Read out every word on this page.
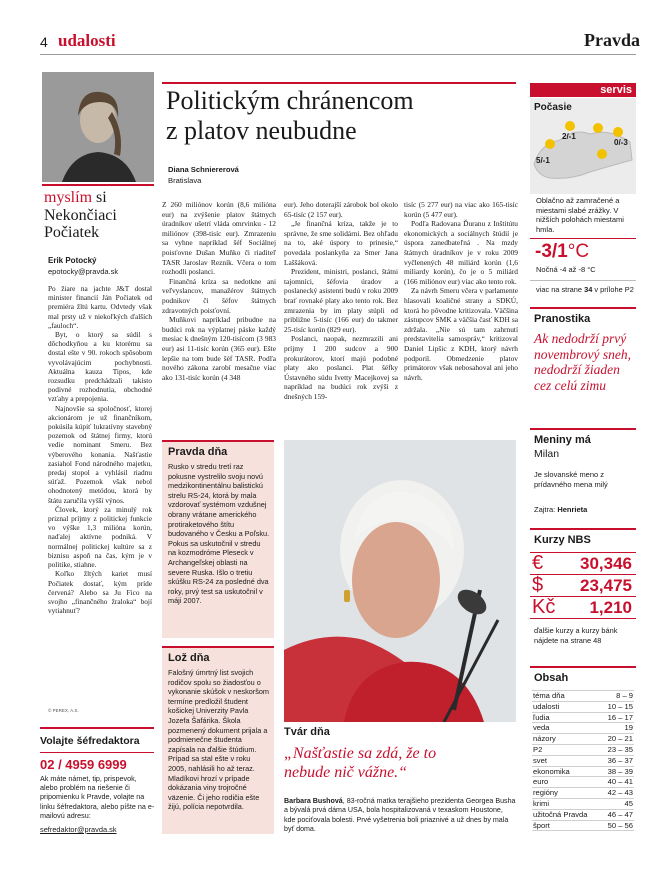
4 udalosti	Pravda
myslím si
Nekončiaci Počiatek
Erik Potocký
epotocky@pravda.sk

Po žiare na jachte J&T dostal minister financií Ján Počiatek od premiéra žltú kartu. Odvtedy však mal prsty už v niekoľkých ďalších „fauloch“.

Byt, o ktorý sa súdil s dôchodkyňou a ku ktorému sa dostal ešte v 90. rokoch spôsobom vyvolávajúcim pochybnosti. Aktuálna kauza Tipos, kde rozsudku predchádzali takisto podivné rozhodnutia, obchodné vzťahy a prepojenia.

Najnovšie sa spoločnosť, ktorej akcionárom je už finančníkom, pokúsila kúpiť lukratívny stavebný pozemok od štátnej firmy, ktorú vedie nominant Smeru. Bez výberového konania. Našťastie zasiahol Fond národného majetku, predaj stopol a vyhlásil riadnu súťaž. Pozemok však nebol ohodnotený metódou, ktorá by štátu zaručila vyšší výnos.

Človek, ktorý za minulý rok priznal príjmy z politickej funkcie vo výške 1,3 milióna korún, naďalej aktívne podniká. V normálnej politickej kultúre sa z biznisu aspoň na čas, kým je v politike, stiahne.

Koľko žltých kariet musí Počiatek dostať, kým príde červená? Alebo sa Ju Fico na svojho „finančného žraloka“ bojí vytiahnuť?

© PEREX, A.S.
Volajte šéfredaktora
02 / 4959 6999
Ak máte námet, tip, prispevok, alebo problém na riešenie či pripomienku k Pravde, volajte na linku šéfredaktora, alebo píšte na e-mailovú adresu:
sefredaktor@pravda.sk
Politickým chránencom
z platov neubudne
Diana Schniererová
Bratislava

Z 260 miliónov korún (8,6 milióna eur) na zvýšenie platov štátnych úradníkov ušetrí vláda omrvinku - 12 miliónov (398-tisíc eur). Zmrazeniu sa vyhne napríklad šéf Sociálnej poisťovne Dušan Muňko či riaditeľ TASR Jaroslav Rezník. Včera o tom rozhodli poslanci.

Finančná kríza sa nedotkne ani veľvyslancov, manažérov štátnych podnikov či šéfov štátnych zdravotných poisťovní.

Muňkovi napríklad pribudne na budúci rok na výplatnej páske každý mesiac k dnešným 120-tisícom (3 983 eur) asi 11-tisíc korún (365 eur). Ešte lepšie na tom bude šéf TASR. Podľa nového zákona zarobí mesačne viac ako 131-tisíc korún (4 348

eur). Jeho doterajší zárobok bol okolo 65-tisíc (2 157 eur).

„Je finančná kríza, takže je to správne, že sme solidárni. Bez ohľadu na to, aké úspory to prinesie,“ povedala poslankyňa za Smer Jana Laššáková.

Prezident, ministri, poslanci, štátni tajomníci, šéfovia úradov a poslanecký asistenti budú v roku 2009 brať rovnaké platy ako tento rok. Bez zmrazenia by im platy stúpli od približne 5-tisíc (166 eur) do takmer 25-tisíc korún (829 eur).

Poslanci, naopak, nezmrazili ani príjmy 1 200 sudcov a 900 prokurátorov, ktorí majú podobné platy ako poslanci. Plat šéfky Ústavného súdu Ivetty Macejkovej sa napríklad na budúci rok zvýši z dnešných 159-

tisíc (5 277 eur) na viac ako 165-tisíc korún (5 477 eur).

Podľa Radovana Ďuranu z Inštitútu ekonomických a sociálnych štúdií je úspora zanedbateľná . Na mzdy štátnych úradníkov je v roku 2009 vyčlenených 48 miliárd korún (1,6 miliardy korún), čo je o 5 miliárd (166 miliónov eur) viac ako tento rok.

Za návrh Smeru včera v parlamente hlasovali koaličné strany a SDKÚ, ktorá ho pôvodne kritizovala. Väčšina zástupcov SMK a väčšia časť KDH sa zdržala. „Nie sú tam zahrnutí predstavitelia samospráv,“ kritizoval Daniel Lipšic z KDH, ktorý návrh podporil. Obmedzenie platov primátorov však nebosahoval ani jeho návrh.

Pravda dňa
Rusko v stredu tretí raz pokusne vystrelilo svoju novú medzikontinentálnu balistickú strelu RS-24, ktorá by mala vzdorovať systémom vzdušnej obrany vrátane amerického protiraketového štítu budovaného v Česku a Poľsku. Pokus sa uskutočnil v stredu na kozmodróme Pleseck v Archangeľskej oblasti na severe Ruska. Išlo o tretiu skúšku RS-24 za posledné dva roky, prvý test sa uskutočnil v máji 2007.
Lož dňa
Falošný úmrtný list svojich rodičov spolu so žiadosťou o vykonanie skúšok v neskoršom termíne predložil študent košickej Univerzity Pavla Jozefa Šafárika. Škola pozmenený dokument prijala a podmienečne študenta zapísala na ďalšie štúdium. Prípad sa stal ešte v roku 2005, nahlásili ho až teraz. Mladíkovi hrozí v prípade dokázania viny trojročné väzenie. Či jeho rodičia ešte žijú, polícia nepotvrdila.
Tvár dňa
„Našťastie sa zdá, že to nebude nič vážne.“
Barbara Bushová, 83-ročná matka terajšieho prezidenta Georgea Busha a bývalá prvá dáma USA, bola hospitalizovaná v texaskom Houstone, kde pociťovala bolesti. Prvé vyšetrenia boli priaznivé a už dnes by mala byť doma.
servis
Počasie
2/-1
0/-3
5/-1
Oblačno až zamračené a miestami slabé zrážky. V nižších polohách miestami hmla.
-3/1°C
Nočná -4 až -8 °C
viac na strane 34 v prílohe P2
Pranostika
Ak nedodrží prvý novembrový sneh, nedodrží žiaden cez celú zimu
Meniny má
Milan
Je slovanské meno z prídavného mena milý
Zajtra: Henrieta
Kurzy NBS
€	30,346
$	23,475
Kč	1,210
ďalšie kurzy a kurzy bánk nájdete na strane 48
Obsah
téma dňa	8 – 9
udalosti	10 – 15
ľudia	16 – 17
veda	19
názory	20 – 21
P2	23 – 35
svet	36 – 37
ekonomika	38 – 39
euro	40 – 41
regióny	42 – 43
krimi	45
užitočná Pravda	46 – 47
šport	50 – 56
